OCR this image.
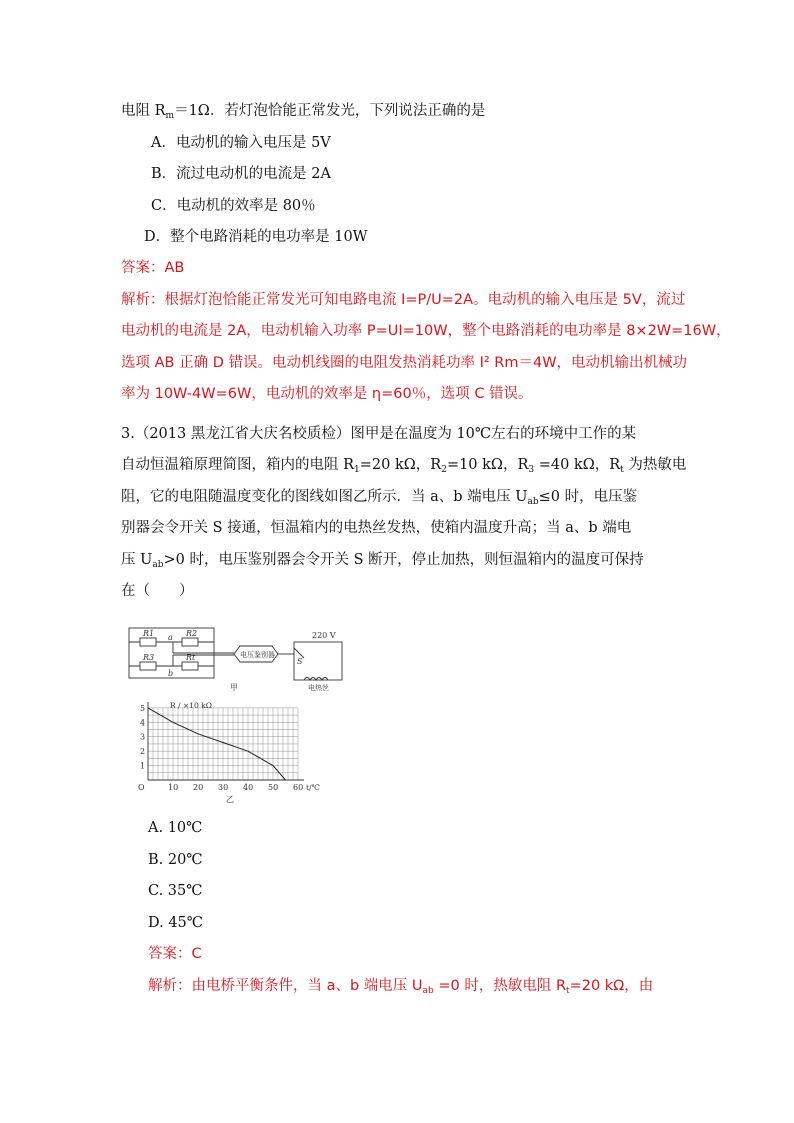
电阻 $R_m=1\Omega$．若灯泡恰能正常发光，下列说法正确的是
A．电动机的输入电压是 5V
B．流过电动机的电流是 2A
C．电动机的效率是 80％
D．整个电路消耗的电功率是 10W
答案：AB
解析：根据灯泡恰能正常发光可知电路电流 I=P/U=2A。电动机的输入电压是 5V，流过
电动机的电流是 2A，电动机输入功率 P=UI=10W，整个电路消耗的电功率是 8×2W=16W，
选项 AB 正确 D 错误。电动机线圈的电阻发热消耗功率 I² Rm＝4W，电动机输出机械功
率为 10W-4W=6W，电动机的效率是 η=60％，选项 C 错误。
3.（2013 黑龙江省大庆名校质检）图甲是在温度为 10℃左右的环境中工作的某
自动恒温箱原理简图，箱内的电阻 $R_1=20$ kΩ，$R_2=10$ kΩ，$R_3 =40$ kΩ，$R_t$ 为热敏电
阻，它的电阻随温度变化的图线如图乙所示．当 a、b 端电压 $U_{ab}\le 0$ 时，电压鉴
别器会令开关 S 接通，恒温箱内的电热丝发热，使箱内温度升高；当 a、b 端电
压 $U_{ab}>0$ 时，电压鉴别器会令开关 S 断开，停止加热，则恒温箱内的温度可保持
在（　　）
R1	R2
R3	Rt
a
b
电压鉴别器
220 V
S
电热丝
甲
10 20 30 40 50 60
1
2
3
4
5	R / ×10 kΩ
t/℃
O
乙
A. 10℃
B. 20℃
C. 35℃
D. 45℃
答案：C
解析：由电桥平衡条件，当 a、b 端电压 $U_{ab} =0$ 时，热敏电阻 $R_t=20$ kΩ，由
